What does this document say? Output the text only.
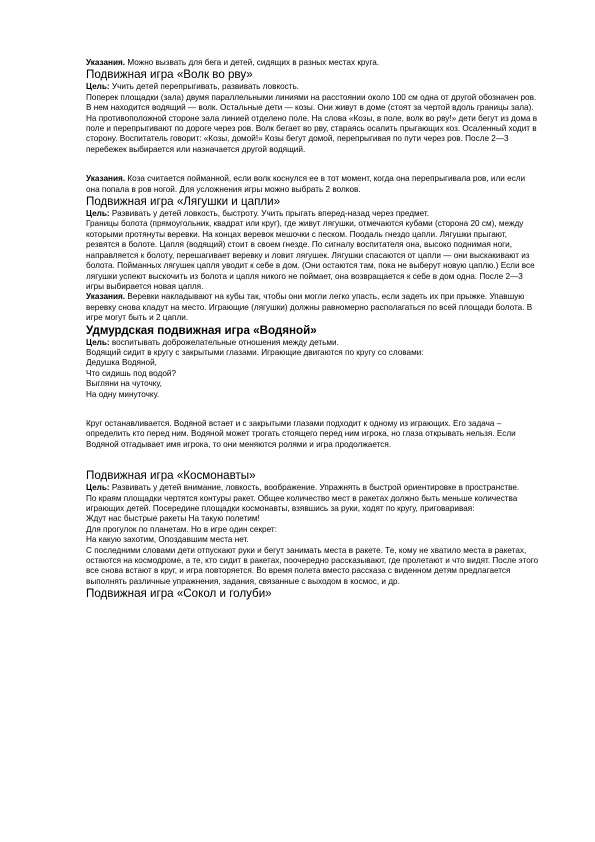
Указания. Можно вызвать для бега и детей, сидящих в разных местах круга.

Подвижная игра «Волк во рву»

Цель: Учить детей перепрыгивать, развивать ловкость.

Поперек площадки (зала) двумя параллельными линиями на расстоянии около 100 см одна от другой обозначен ров. В нем находится водящий — волк. Остальные дети — козы. Они живут в доме (стоят за чертой вдоль границы зала). На противоположной стороне зала линией отделено поле. На слова «Козы, в поле, волк во рву!» дети бегут из дома в поле и перепрыгивают по дороге через ров. Волк бегает во рву, стараясь осалить прыгающих коз. Осаленный ходит в сторону. Воспитатель говорит: «Козы, домой!» Козы бегут домой, перепрыгивая по пути через ров. После 2—3 перебежек выбирается или назначается другой водящий.

Указания. Коза считается пойманной, если волк коснулся ее в тот момент, когда она перепрыгивала ров, или если она попала в ров ногой. Для усложнения игры можно выбрать 2 волков.

Подвижная игра «Лягушки и цапли»

Цель: Развивать у детей ловкость, быстроту. Учить прыгать вперед-назад через предмет.

Границы болота (прямоугольник, квадрат или круг), где живут лягушки, отмечаются кубами (сторона 20 см), между которыми протянуты веревки. На концах веревок мешочки с песком. Поодаль гнездо цапли. Лягушки прыгают, резвятся в болоте. Цапля (водящий) стоит в своем гнезде. По сигналу воспитателя она, высоко поднимая ноги, направляется к болоту, перешагивает веревку и ловит лягушек. Лягушки спасаются от цапли — они выскакивают из болота. Пойманных лягушек цапля уводит к себе в дом. (Они остаются там, пока не выберут новую цаплю.) Если все лягушки успеют выскочить из болота и цапля никого не поймает, она возвращается к себе в дом одна. После 2—3 игры выбирается новая цапля.

Указания. Веревки накладывают на кубы так, чтобы они могли легко упасть, если задеть их при прыжке. Упавшую веревку снова кладут на место. Играющие (лягушки) должны равномерно располагаться по всей площади болота. В игре могут быть и 2 цапли.

Удмурдская подвижная игра «Водяной»

Цель: воспитывать доброжелательные отношения между детьми.

Водящий сидит в кругу с закрытыми глазами. Играющие двигаются по кругу со словами:

Дедушка Водяной,

Что сидишь под водой?

Выгляни на чуточку,

На одну минуточку.

Круг останавливается. Водяной встает и с закрытыми глазами подходит к одному из играющих. Его задача – определить кто перед ним. Водяной может трогать стоящего перед ним игрока, но глаза открывать нельзя. Если Водяной отгадывает имя игрока, то они меняются ролями и игра продолжается.

Подвижная игра «Космонавты»

Цель: Развивать у детей внимание, ловкость, воображение. Упражнять в быстрой ориентировке в пространстве.

По краям площадки чертятся контуры ракет. Общее количество мест в ракетах должно быть меньше количества играющих детей. Посередине площадки космонавты, взявшись за руки, ходят по кругу, приговаривая:

Ждут нас быстрые ракеты На такую полетим!

Для прогулок по планетам. Но в игре один секрет:

На какую захотим, Опоздавшим места нет.

С последними словами дети отпускают руки и бегут занимать места в ракете. Те, кому не хватило места в ракетах, остаются на космодроме, а те, кто сидит в ракетах, поочередно рассказывают, где пролетают и что видят. После этого все снова встают в круг, и игра повторяется. Во время полета вместо рассказа с виденном детям предлагается выполнять различные упражнения, задания, связанные с выходом в космос, и др.

Подвижная игра «Сокол и голуби»
